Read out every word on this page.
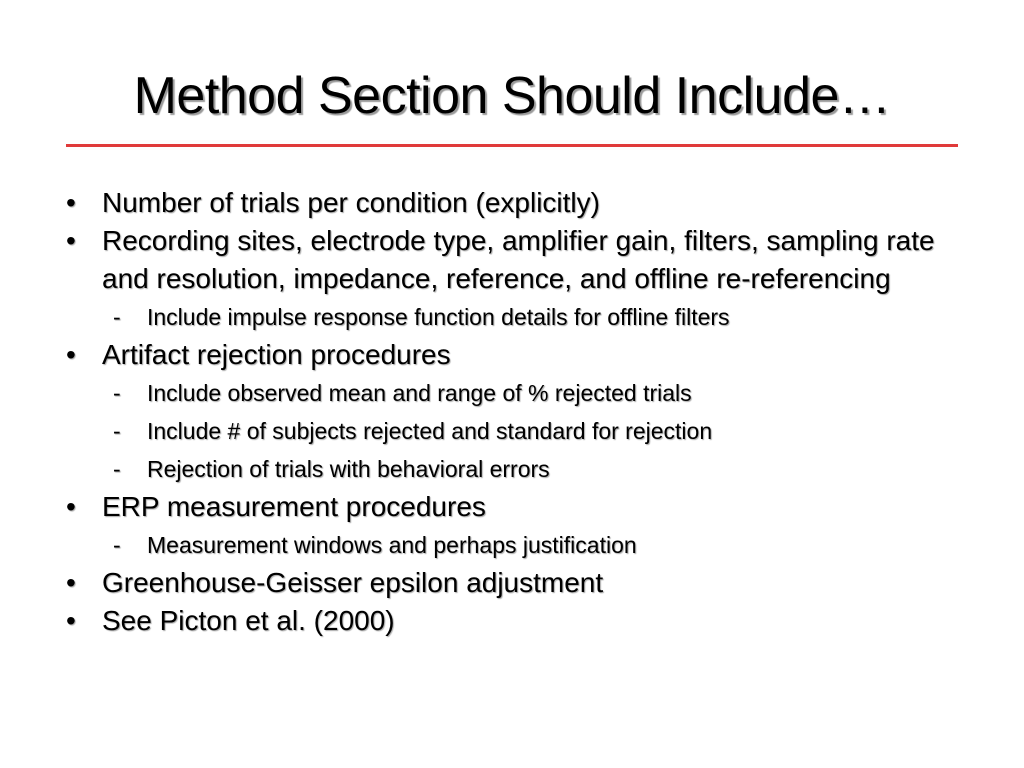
Method Section Should Include…
• Number of trials per condition (explicitly)
• Recording sites, electrode type, amplifier gain, filters, sampling rate and resolution, impedance, reference, and offline re-referencing
- Include impulse response function details for offline filters
• Artifact rejection procedures
- Include observed mean and range of % rejected trials
- Include # of subjects rejected and standard for rejection
- Rejection of trials with behavioral errors
• ERP measurement procedures
- Measurement windows and perhaps justification
• Greenhouse-Geisser epsilon adjustment
• See Picton et al. (2000)
